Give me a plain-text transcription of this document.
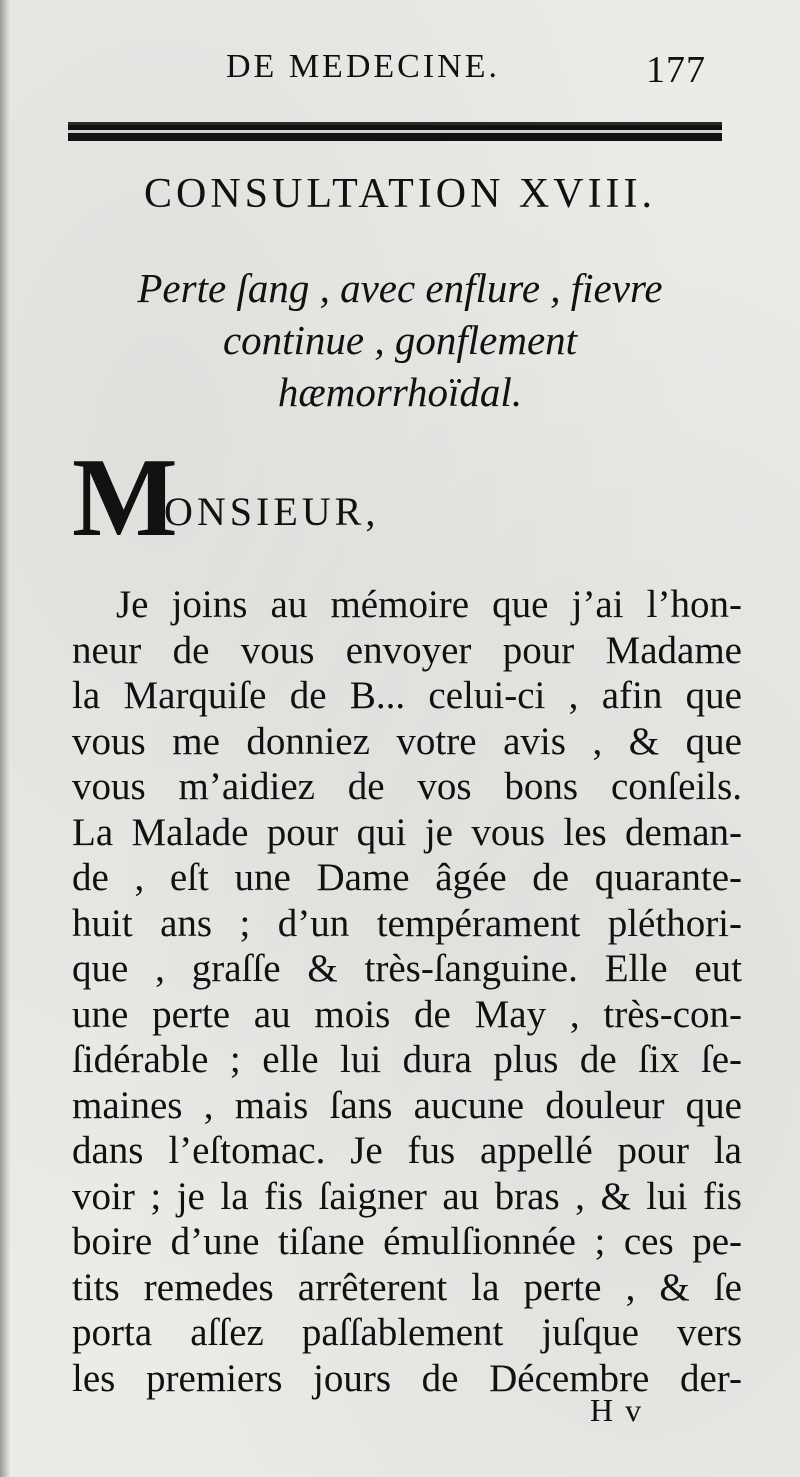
DE MEDECINE.	177
CONSULTATION XVIII.
Perte ſang , avec enflure , fievre
continue , gonflement
hæmorrhoïdal.
M
ONSIEUR,
Je joins au mémoire que j’ai l’hon-
neur de vous envoyer pour Madame
la Marquiſe de B... celui-ci , afin que
vous me donniez votre avis , & que
vous m’aidiez de vos bons conſeils.
La Malade pour qui je vous les deman-
de , eſt une Dame âgée de quarante-
huit ans ; d’un tempérament pléthori-
que , graſſe & très-ſanguine. Elle eut
une perte au mois de May , très-con-
ſidérable ; elle lui dura plus de ſix ſe-
maines , mais ſans aucune douleur que
dans l’eſtomac. Je fus appellé pour la
voir ; je la fis ſaigner au bras , & lui fis
boire d’une tiſane émulſionnée ; ces pe-
tits remedes arrêterent la perte , & ſe
porta aſſez paſſablement juſque vers
les premiers jours de Décembre der-
H v
